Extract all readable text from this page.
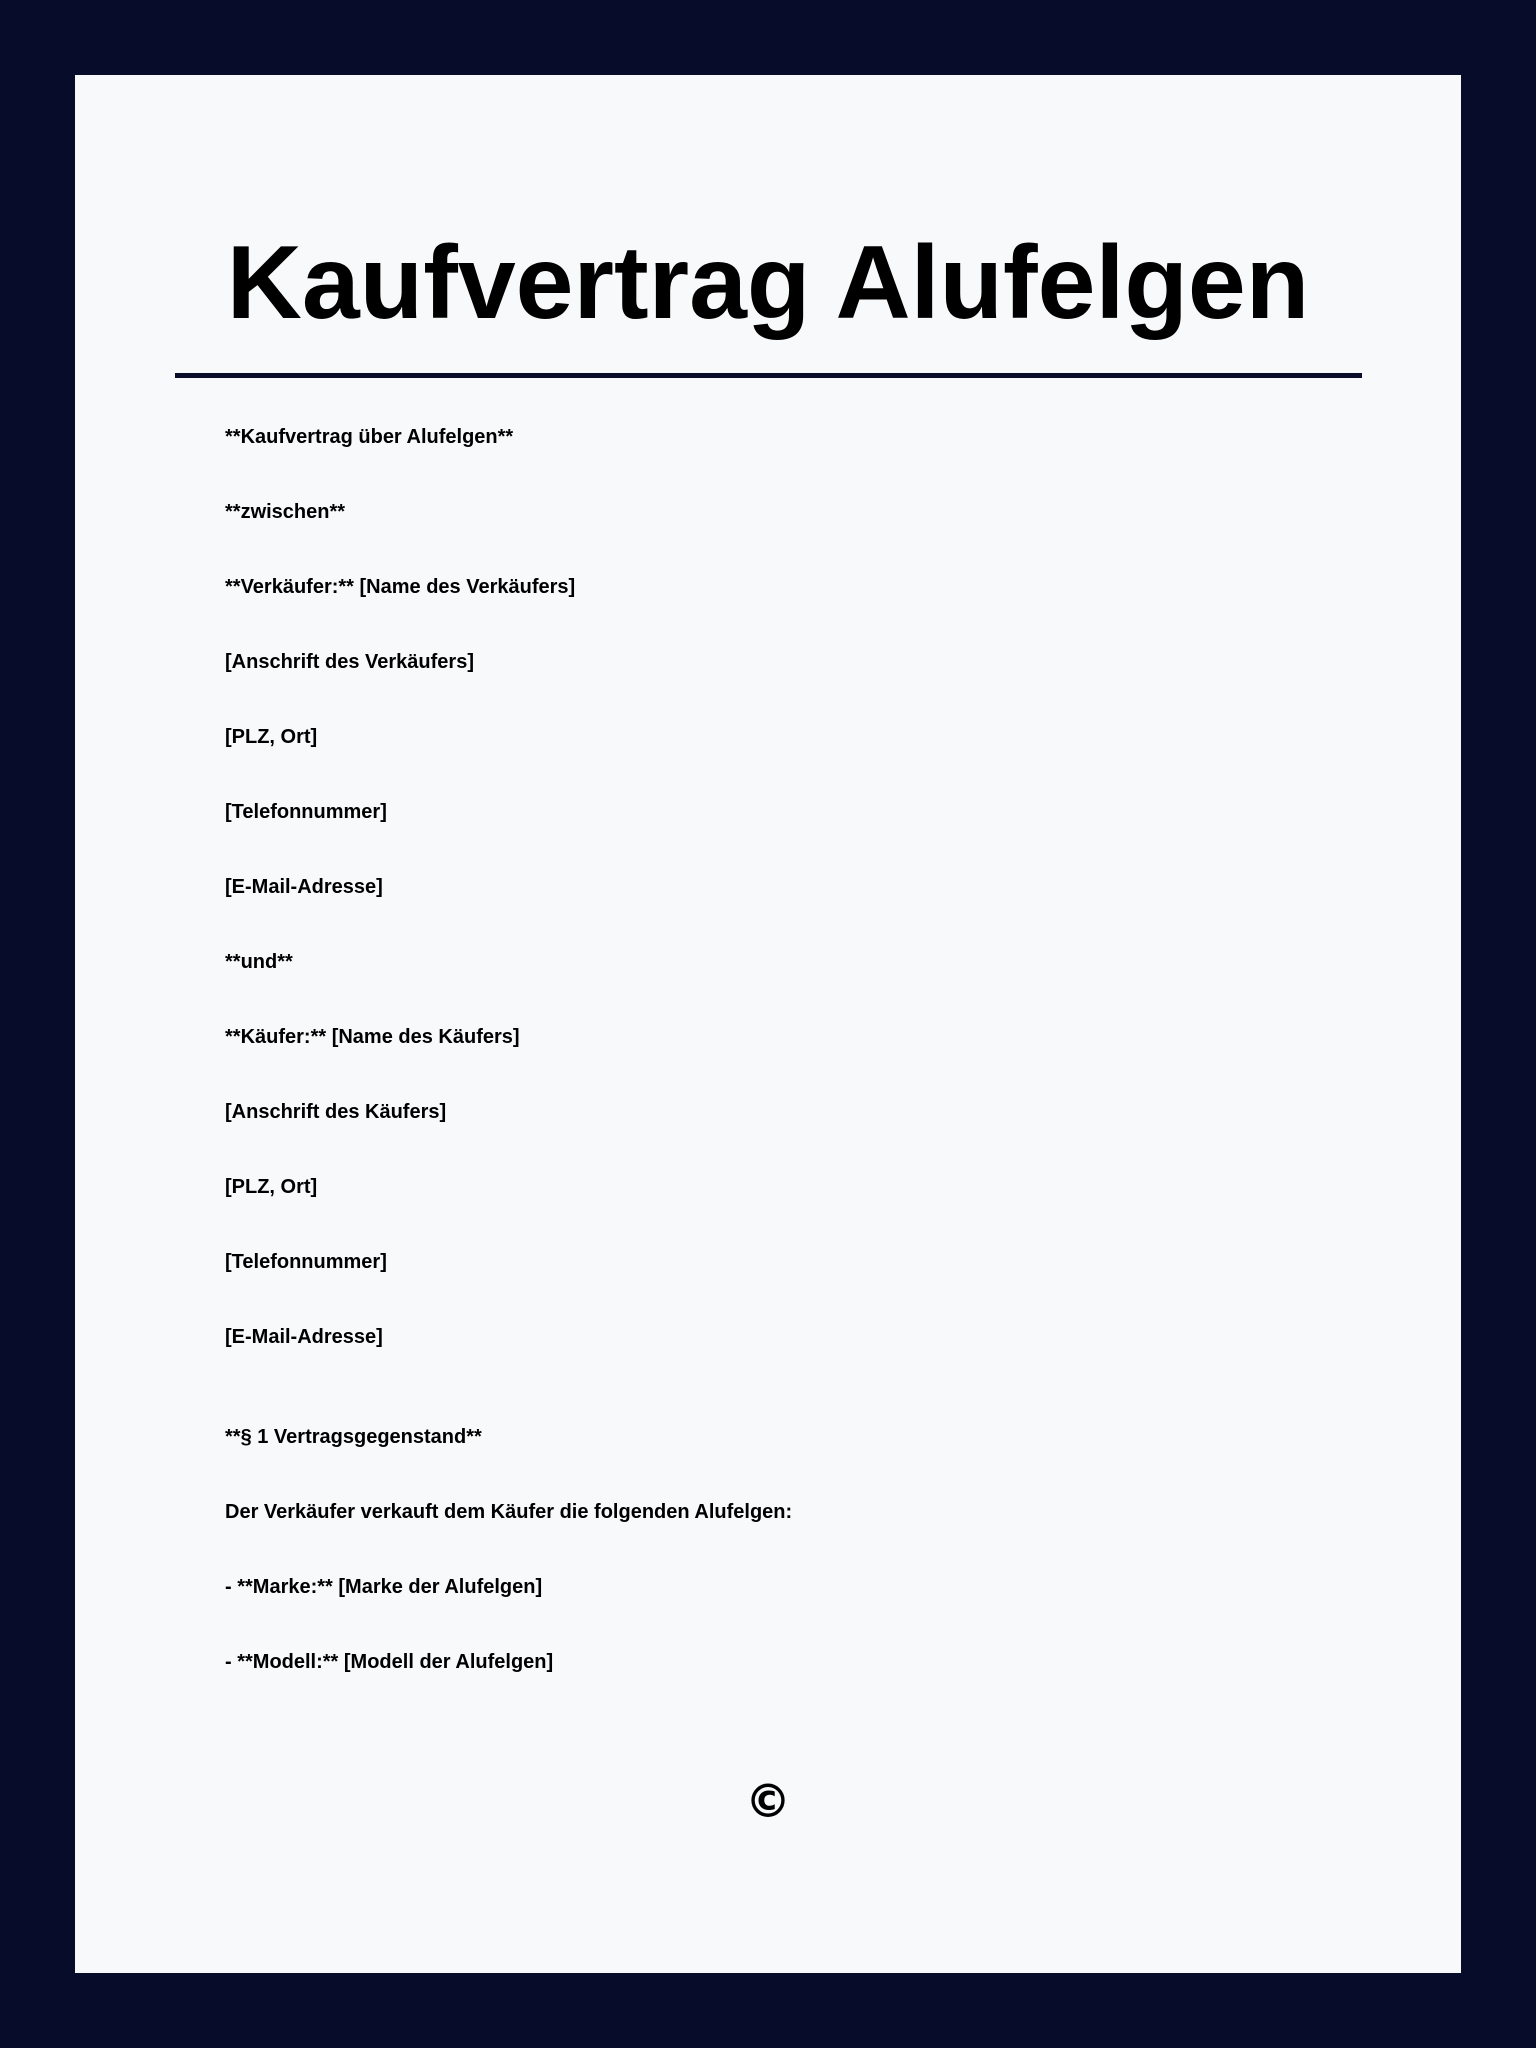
Kaufvertrag Alufelgen

**Kaufvertrag über Alufelgen**

**zwischen**

**Verkäufer:** [Name des Verkäufers]

[Anschrift des Verkäufers]

[PLZ, Ort]

[Telefonnummer]

[E-Mail-Adresse]

**und**

**Käufer:** [Name des Käufers]

[Anschrift des Käufers]

[PLZ, Ort]

[Telefonnummer]

[E-Mail-Adresse]

**§ 1 Vertragsgegenstand**

Der Verkäufer verkauft dem Käufer die folgenden Alufelgen:

- **Marke:** [Marke der Alufelgen]

- **Modell:** [Modell der Alufelgen]

©
